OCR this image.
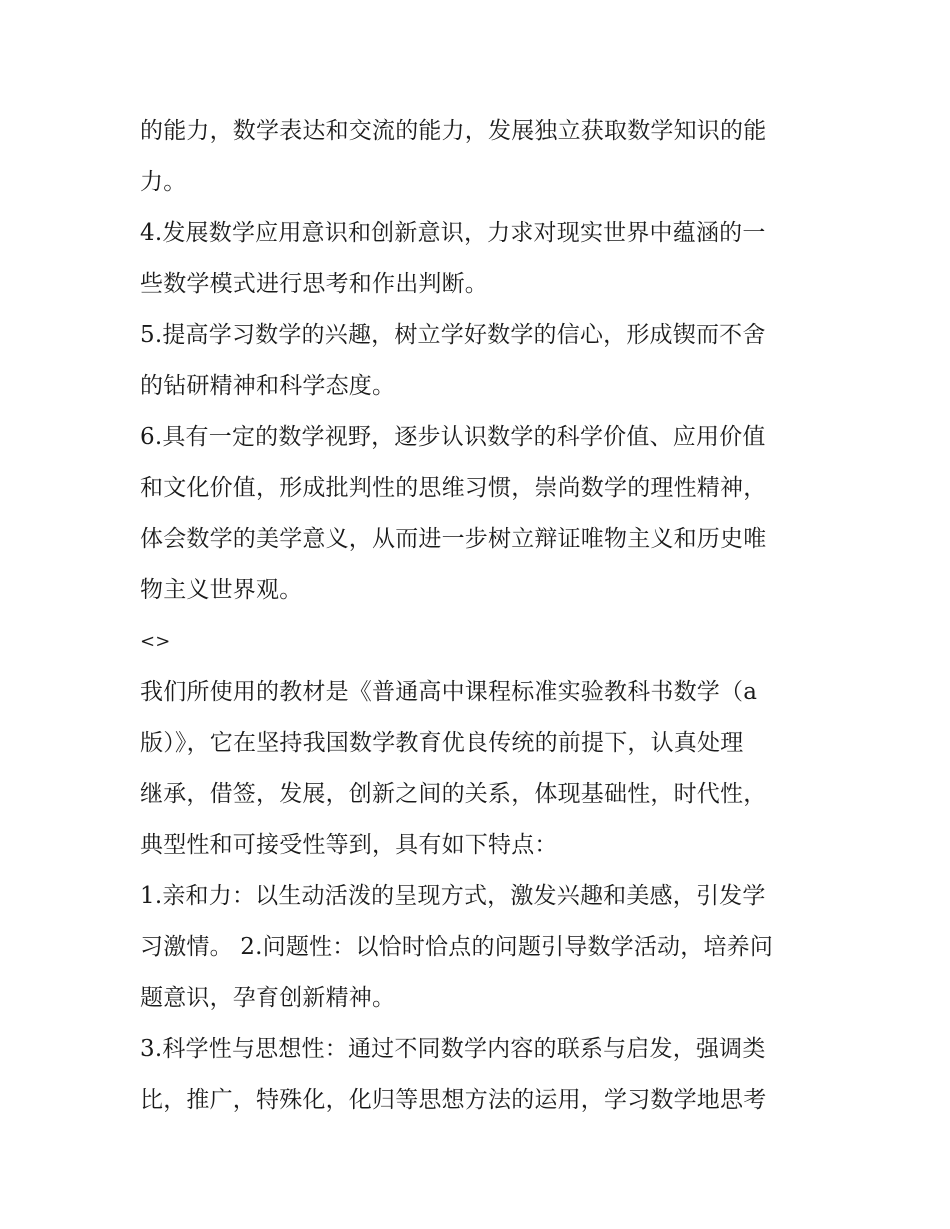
的能力，数学表达和交流的能力，发展独立获取数学知识的能
力。
4.发展数学应用意识和创新意识，力求对现实世界中蕴涵的一
些数学模式进行思考和作出判断。
5.提高学习数学的兴趣，树立学好数学的信心，形成锲而不舍
的钻研精神和科学态度。
6.具有一定的数学视野，逐步认识数学的科学价值、应用价值
和文化价值，形成批判性的思维习惯，崇尚数学的理性精神，
体会数学的美学意义，从而进一步树立辩证唯物主义和历史唯
物主义世界观。
<>
我们所使用的教材是《普通高中课程标准实验教科书数学（a
版）》，它在坚持我国数学教育优良传统的前提下，认真处理
继承，借签，发展，创新之间的关系，体现基础性，时代性，
典型性和可接受性等到，具有如下特点：
1.亲和力：以生动活泼的呈现方式，激发兴趣和美感，引发学
习激情。 2.问题性：以恰时恰点的问题引导数学活动，培养问
题意识，孕育创新精神。
3.科学性与思想性：通过不同数学内容的联系与启发，强调类
比，推广，特殊化，化归等思想方法的运用，学习数学地思考
